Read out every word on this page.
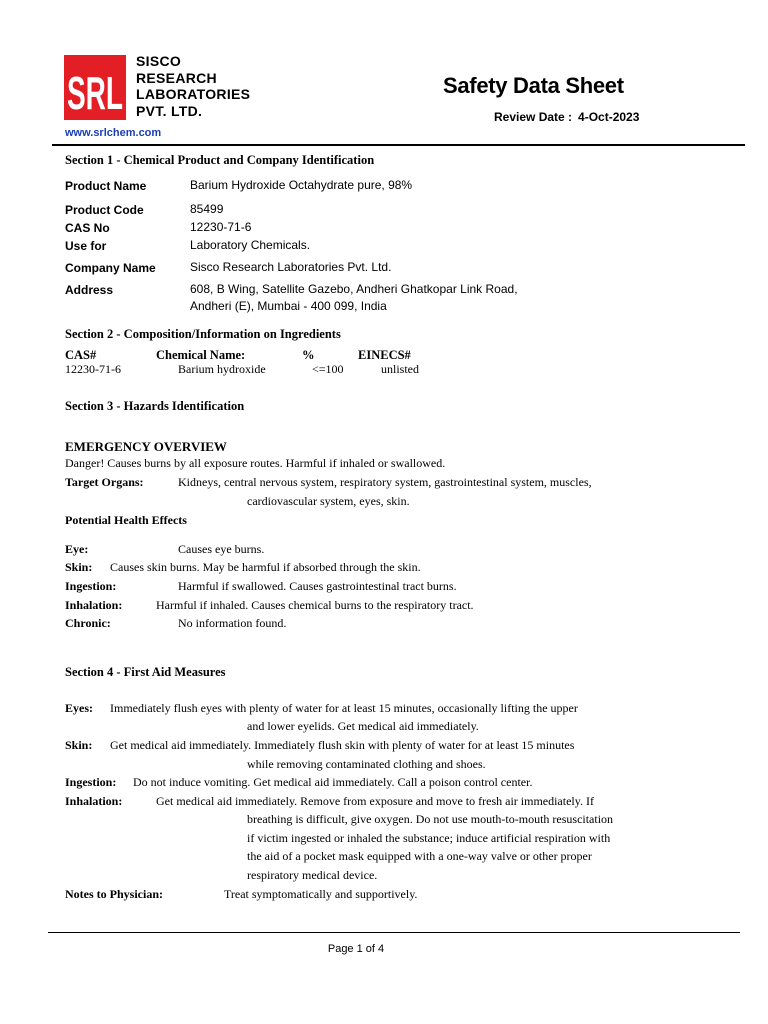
SRL
SISCO
RESEARCH
LABORATORIES
PVT. LTD.
www.srlchem.com
Safety Data Sheet
Review Date : 4-Oct-2023
Section 1 - Chemical Product and Company Identification
Product Name	Barium Hydroxide Octahydrate pure, 98%
Product Code	85499
CAS No	12230-71-6
Use for	Laboratory Chemicals.
Company Name	Sisco Research Laboratories Pvt. Ltd.
Address	608, B Wing, Satellite Gazebo, Andheri Ghatkopar Link Road,
Andheri (E), Mumbai - 400 099, India
Section 2 - Composition/Information on Ingredients
CAS#	Chemical Name:	%	EINECS#
12230-71-6	Barium hydroxide	<=100	unlisted
Section 3 - Hazards Identification
EMERGENCY OVERVIEW
Danger! Causes burns by all exposure routes. Harmful if inhaled or swallowed.
Target Organs:	Kidneys, central nervous system, respiratory system, gastrointestinal system, muscles,
cardiovascular system, eyes, skin.
Potential Health Effects
Eye:	Causes eye burns.
Skin: Causes skin burns. May be harmful if absorbed through the skin.
Ingestion:	Harmful if swallowed. Causes gastrointestinal tract burns.
Inhalation:	Harmful if inhaled. Causes chemical burns to the respiratory tract.
Chronic:	No information found.
Section 4 - First Aid Measures
Eyes: Immediately flush eyes with plenty of water for at least 15 minutes, occasionally lifting the upper
and lower eyelids. Get medical aid immediately.
Skin: Get medical aid immediately. Immediately flush skin with plenty of water for at least 15 minutes
while removing contaminated clothing and shoes.
Ingestion: Do not induce vomiting. Get medical aid immediately. Call a poison control center.
Inhalation:	Get medical aid immediately. Remove from exposure and move to fresh air immediately. If
breathing is difficult, give oxygen. Do not use mouth-to-mouth resuscitation
if victim ingested or inhaled the substance; induce artificial respiration with
the aid of a pocket mask equipped with a one-way valve or other proper
respiratory medical device.
Notes to Physician:	Treat symptomatically and supportively.
Page 1 of 4
